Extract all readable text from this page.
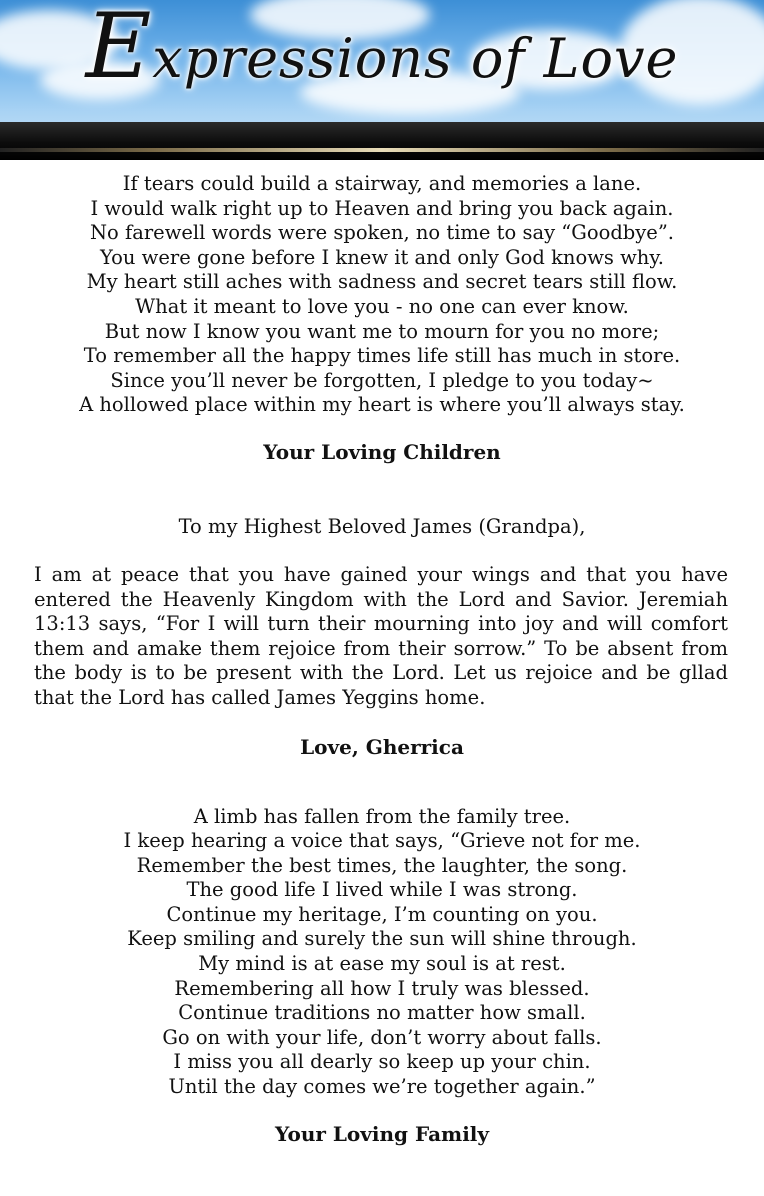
Expressions of Love
If tears could build a stairway, and memories a lane.
I would walk right up to Heaven and bring you back again.
No farewell words were spoken, no time to say “Goodbye”.
You were gone before I knew it and only God knows why.
My heart still aches with sadness and secret tears still flow.
What it meant to love you - no one can ever know.
But now I know you want me to mourn for you no more;
To remember all the happy times life still has much in store.
Since you’ll never be forgotten, I pledge to you today~
A hollowed place within my heart is where you’ll always stay.
Your Loving Children
To my Highest Beloved James (Grandpa),
I am at peace that you have gained your wings and that you have entered the Heavenly Kingdom with the Lord and Savior. Jeremiah 13:13 says, “For I will turn their mourning into joy and will comfort them and amake them rejoice from their sorrow.” To be absent from the body is to be present with the Lord. Let us rejoice and be gllad that the Lord has called James Yeggins home.
Love, Gherrica
A limb has fallen from the family tree.
I keep hearing a voice that says, “Grieve not for me.
Remember the best times, the laughter, the song.
The good life I lived while I was strong.
Continue my heritage, I’m counting on you.
Keep smiling and surely the sun will shine through.
My mind is at ease my soul is at rest.
Remembering all how I truly was blessed.
Continue traditions no matter how small.
Go on with your life, don’t worry about falls.
I miss you all dearly so keep up your chin.
Until the day comes we’re together again.”
Your Loving Family
